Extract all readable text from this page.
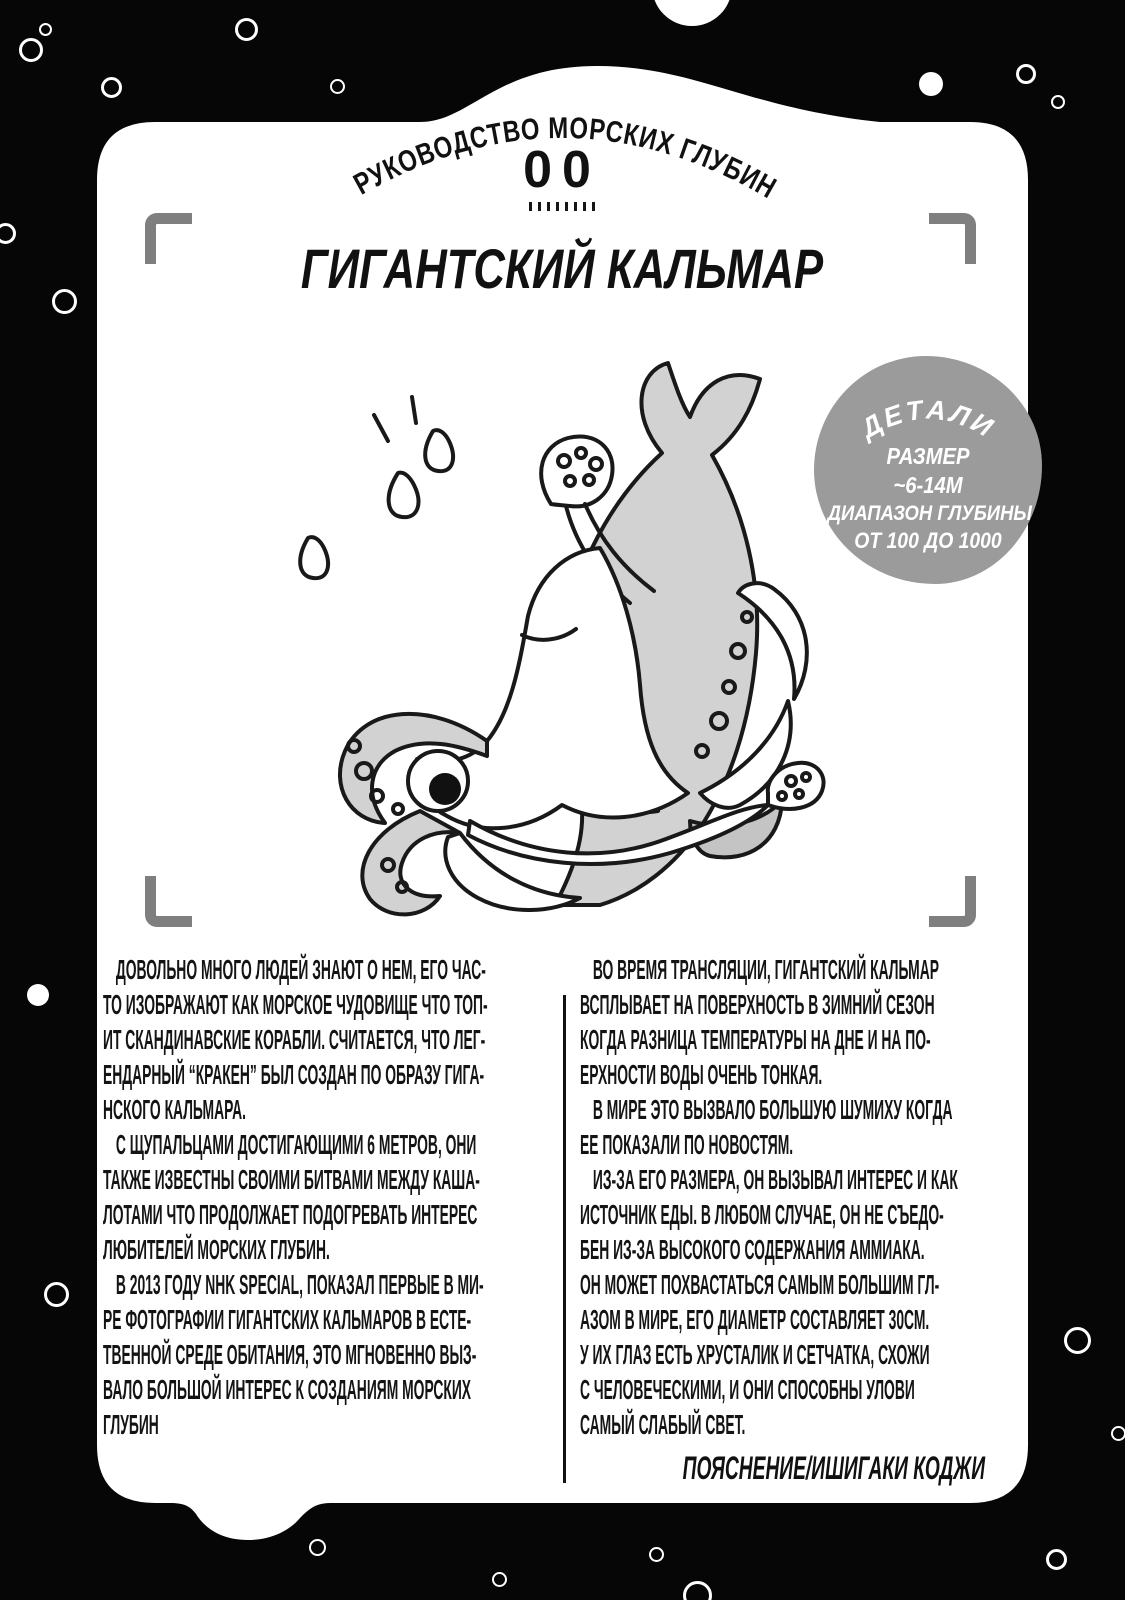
РУКОВОДСТВО МОРСКИХ ГЛУБИН
00
ГИГАНТСКИЙ КАЛЬМАР
ДЕТАЛИ
РАЗМЕР
~6-14М
ДИАПАЗОН ГЛУБИНЫ
ОТ 100 ДО 1000
ДОВОЛЬНО МНОГО ЛЮДЕЙ ЗНАЮТ О НЕМ, ЕГО ЧАС-
ТО ИЗОБРАЖАЮТ КАК МОРСКОЕ ЧУДОВИЩЕ ЧТО ТОП-
ИТ СКАНДИНАВСКИЕ КОРАБЛИ. СЧИТАЕТСЯ, ЧТО ЛЕГ-
ЕНДАРНЫЙ “КРАКЕН” БЫЛ СОЗДАН ПО ОБРАЗУ ГИГА-
НСКОГО КАЛЬМАРА.
С ЩУПАЛЬЦАМИ ДОСТИГАЮЩИМИ 6 МЕТРОВ, ОНИ
ТАКЖЕ ИЗВЕСТНЫ СВОИМИ БИТВАМИ МЕЖДУ КАША-
ЛОТАМИ ЧТО ПРОДОЛЖАЕТ ПОДОГРЕВАТЬ ИНТЕРЕС
ЛЮБИТЕЛЕЙ МОРСКИХ ГЛУБИН.
В 2013 ГОДУ NHK SPECIAL, ПОКАЗАЛ ПЕРВЫЕ В МИ-
РЕ ФОТОГРАФИИ ГИГАНТСКИХ КАЛЬМАРОВ В ЕСТЕ-
ТВЕННОЙ СРЕДЕ ОБИТАНИЯ, ЭТО МГНОВЕННО ВЫЗ-
ВАЛО БОЛЬШОЙ ИНТЕРЕС К СОЗДАНИЯМ МОРСКИХ
ГЛУБИН
ВО ВРЕМЯ ТРАНСЛЯЦИИ, ГИГАНТСКИЙ КАЛЬМАР
ВСПЛЫВАЕТ НА ПОВЕРХНОСТЬ В ЗИМНИЙ СЕЗОН
КОГДА РАЗНИЦА ТЕМПЕРАТУРЫ НА ДНЕ И НА ПО-
ЕРХНОСТИ ВОДЫ ОЧЕНЬ ТОНКАЯ.
В МИРЕ ЭТО ВЫЗВАЛО БОЛЬШУЮ ШУМИХУ КОГДА
ЕЕ ПОКАЗАЛИ ПО НОВОСТЯМ.
ИЗ-ЗА ЕГО РАЗМЕРА, ОН ВЫЗЫВАЛ ИНТЕРЕС И КАК
ИСТОЧНИК ЕДЫ. В ЛЮБОМ СЛУЧАЕ, ОН НЕ СЪЕДО-
БЕН ИЗ-ЗА ВЫСОКОГО СОДЕРЖАНИЯ АММИАКА.
ОН МОЖЕТ ПОХВАСТАТЬСЯ САМЫМ БОЛЬШИМ ГЛ-
АЗОМ В МИРЕ, ЕГО ДИАМЕТР СОСТАВЛЯЕТ 30СМ.
У ИХ ГЛАЗ ЕСТЬ ХРУСТАЛИК И СЕТЧАТКА, СХОЖИ
С ЧЕЛОВЕЧЕСКИМИ, И ОНИ СПОСОБНЫ УЛОВИ
САМЫЙ СЛАБЫЙ СВЕТ.
ПОЯСНЕНИЕ/ИШИГАКИ КОДЖИ
